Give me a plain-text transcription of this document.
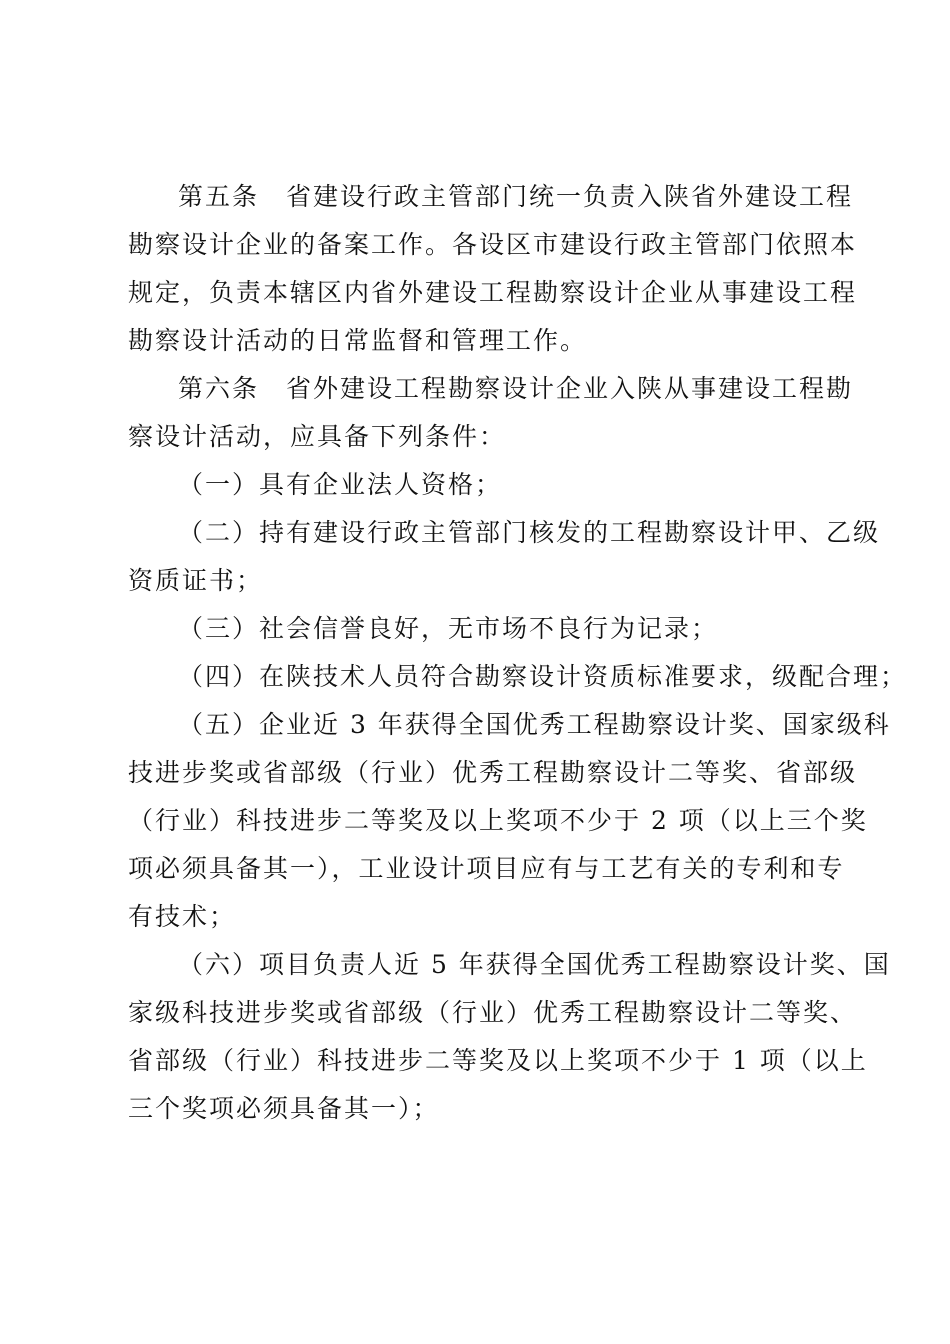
第五条　省建设行政主管部门统一负责入陕省外建设工程
勘察设计企业的备案工作。各设区市建设行政主管部门依照本
规定，负责本辖区内省外建设工程勘察设计企业从事建设工程
勘察设计活动的日常监督和管理工作。
第六条　省外建设工程勘察设计企业入陕从事建设工程勘
察设计活动，应具备下列条件：
（一）具有企业法人资格；
（二）持有建设行政主管部门核发的工程勘察设计甲、乙级
资质证书；
（三）社会信誉良好，无市场不良行为记录；
（四）在陕技术人员符合勘察设计资质标准要求，级配合理；
（五）企业近 3 年获得全国优秀工程勘察设计奖、国家级科
技进步奖或省部级（行业）优秀工程勘察设计二等奖、省部级
（行业）科技进步二等奖及以上奖项不少于 2 项（以上三个奖
项必须具备其一），工业设计项目应有与工艺有关的专利和专
有技术；
（六）项目负责人近 5 年获得全国优秀工程勘察设计奖、国
家级科技进步奖或省部级（行业）优秀工程勘察设计二等奖、
省部级（行业）科技进步二等奖及以上奖项不少于 1 项（以上
三个奖项必须具备其一）；
